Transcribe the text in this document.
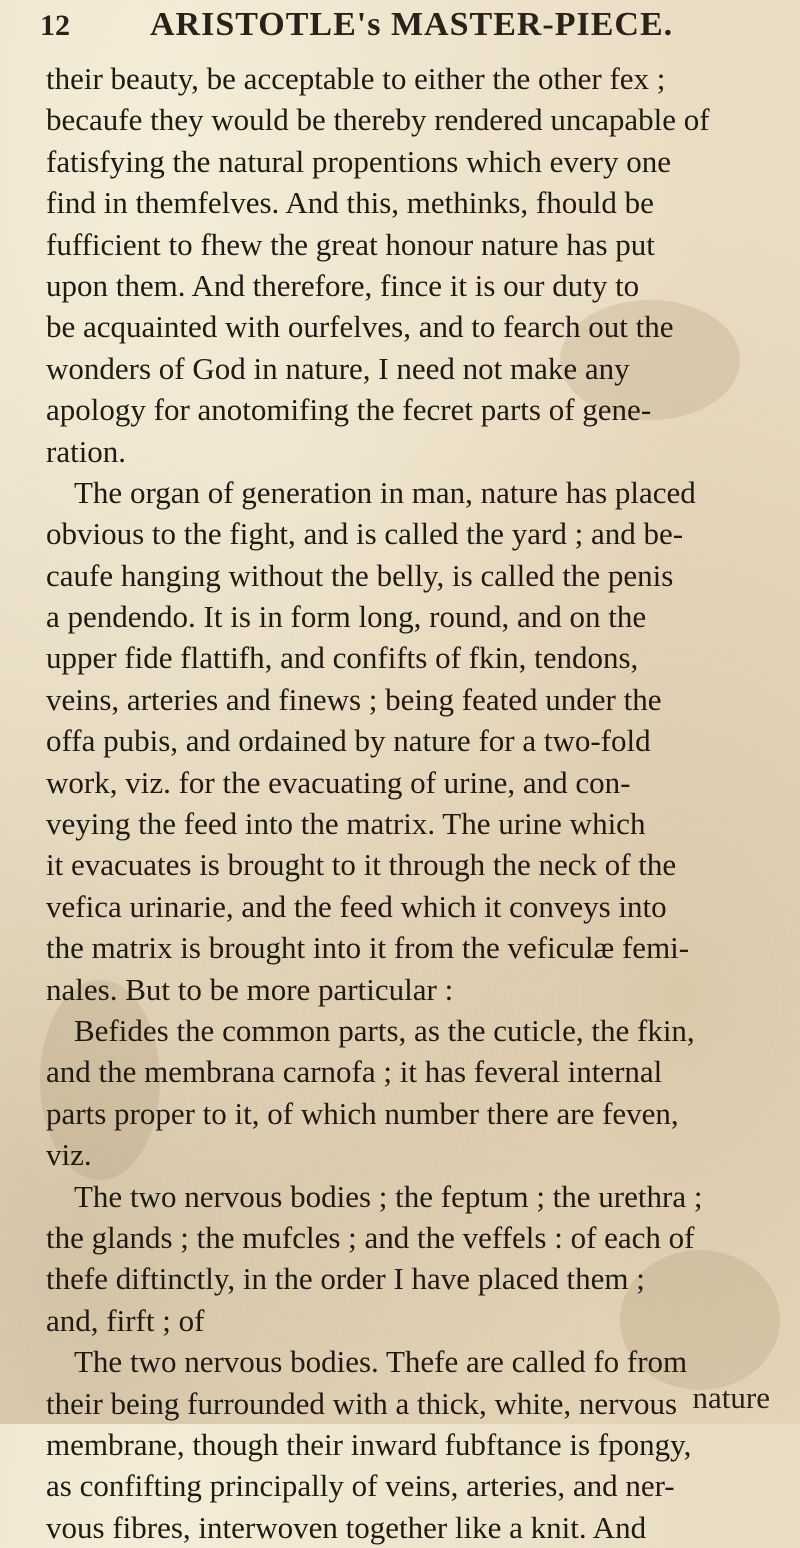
12	ARISTOTLE's MASTER-PIECE.
their beauty, be acceptable to either the other fex ;
becaufe they would be thereby rendered uncapable of
fatisfying the natural propentions which every one
find in themfelves. And this, methinks, fhould be
fufficient to fhew the great honour nature has put
upon them. And therefore, fince it is our duty to
be acquainted with ourfelves, and to fearch out the
wonders of God in nature, I need not make any
apology for anotomifing the fecret parts of gene-
ration.
The organ of generation in man, nature has placed
obvious to the fight, and is called the yard ; and be-
caufe hanging without the belly, is called the penis
a pendendo. It is in form long, round, and on the
upper fide flattifh, and confifts of fkin, tendons,
veins, arteries and finews ; being feated under the
offa pubis, and ordained by nature for a two-fold
work, viz. for the evacuating of urine, and con-
veying the feed into the matrix. The urine which
it evacuates is brought to it through the neck of the
vefica urinarie, and the feed which it conveys into
the matrix is brought into it from the veficulæ femi-
nales. But to be more particular :
Befides the common parts, as the cuticle, the fkin,
and the membrana carnofa ; it has feveral internal
parts proper to it, of which number there are feven,
viz.
The two nervous bodies ; the feptum ; the urethra ;
the glands ; the mufcles ; and the veffels : of each of
thefe diftinctly, in the order I have placed them ;
and, firft ; of
The two nervous bodies. Thefe are called fo from
their being furrounded with a thick, white, nervous
membrane, though their inward fubftance is fpongy,
as confifting principally of veins, arteries, and ner-
vous fibres, interwoven together like a knit. And
nature
